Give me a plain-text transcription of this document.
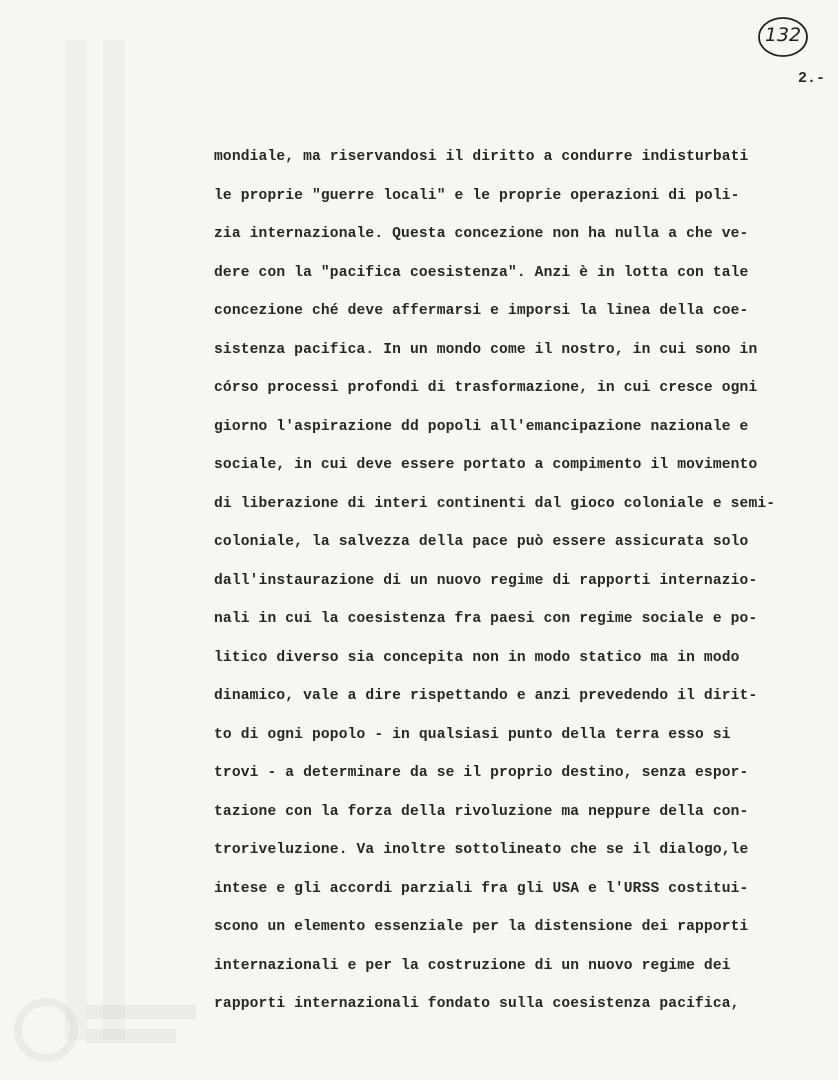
132
2.-
mondiale, ma riservandosi il diritto a condurre indisturbati
le proprie "guerre locali" e le proprie operazioni di poli-
zia internazionale. Questa concezione non ha nulla a che ve-
dere con la "pacifica coesistenza". Anzi è in lotta con tale
concezione ché deve affermarsi e imporsi la linea della coe-
sistenza pacifica. In un mondo come il nostro, in cui sono in
córso processi profondi di trasformazione, in cui cresce ogni
giorno l'aspirazione dd popoli all'emancipazione nazionale e
sociale, in cui deve essere portato a compimento il movimento
di liberazione di interi continenti dal gioco coloniale e semi-
coloniale, la salvezza della pace può essere assicurata solo
dall'instaurazione di un nuovo regime di rapporti internazio-
nali in cui la coesistenza fra paesi con regime sociale e po-
litico diverso sia concepita non in modo statico ma in modo
dinamico, vale a dire rispettando e anzi prevedendo il dirit-
to di ogni popolo - in qualsiasi punto della terra esso si
trovi - a determinare da se il proprio destino, senza espor-
tazione con la forza della rivoluzione ma neppure della con-
troriveluzione. Va inoltre sottolineato che se il dialogo,le
intese e gli accordi parziali fra gli USA e l'URSS costitui-
scono un elemento essenziale per la distensione dei rapporti
internazionali e per la costruzione di un nuovo regime dei
rapporti internazionali fondato sulla coesistenza pacifica,
